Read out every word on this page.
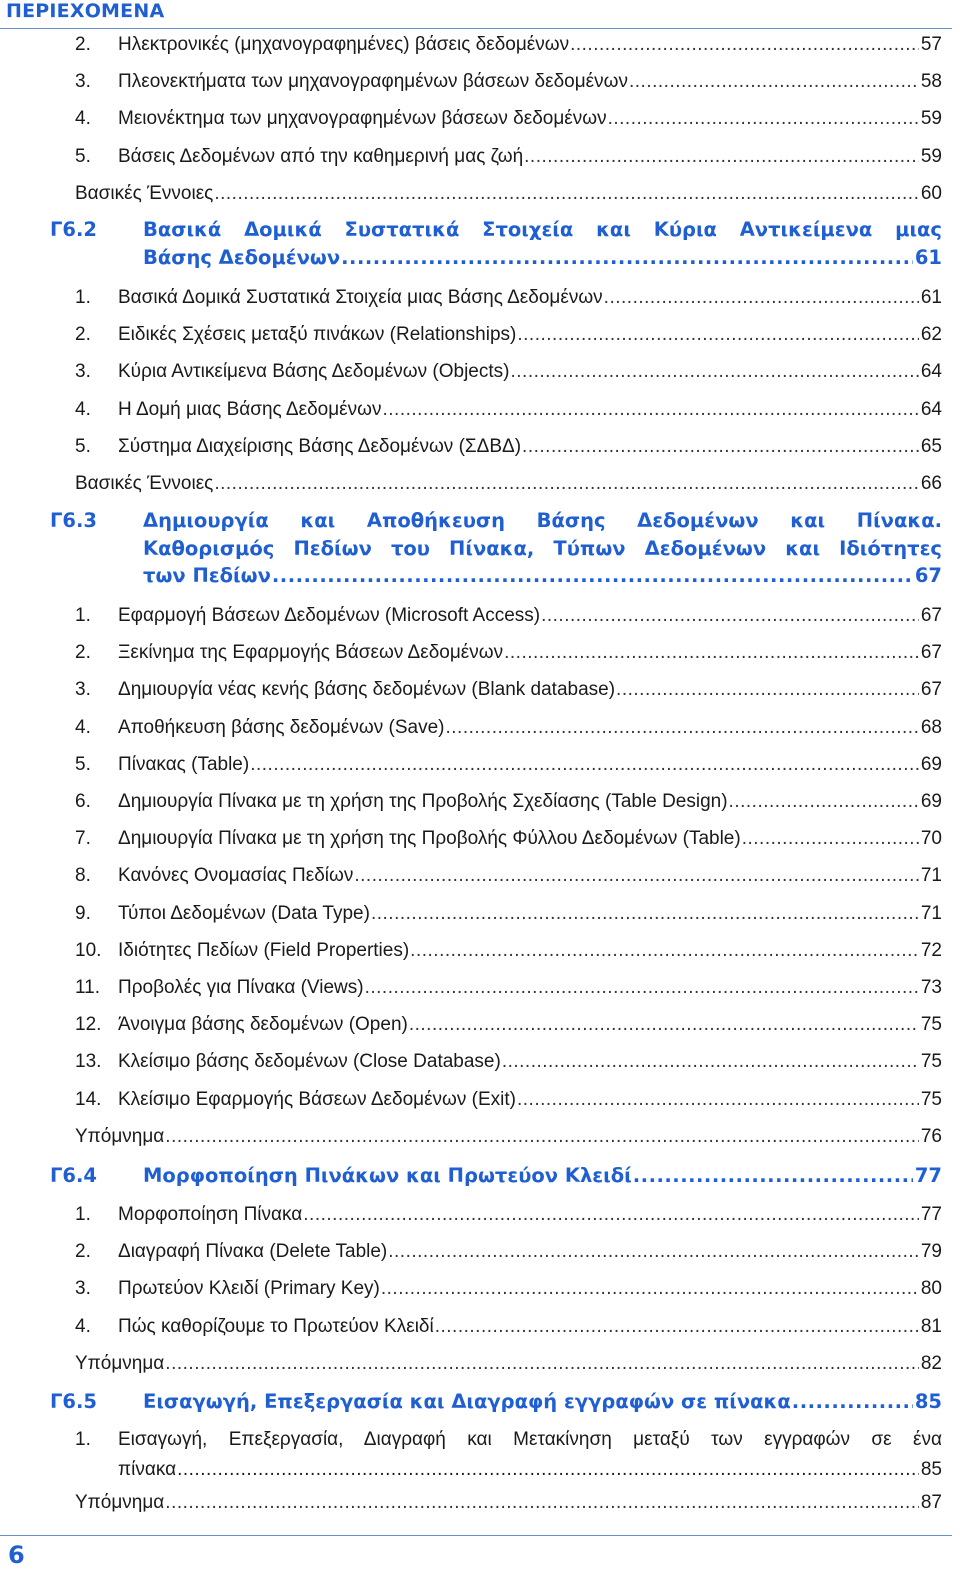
ΠΕΡΙΕΧΟΜΕΝΑ
2. Ηλεκτρονικές (μηχανογραφημένες) βάσεις δεδομένων .....	57
3. Πλεονεκτήματα των μηχανογραφημένων βάσεων δεδομένων .....	58
4. Μειονέκτημα των μηχανογραφημένων βάσεων δεδομένων .....	59
5. Βάσεις Δεδομένων από την καθημερινή μας ζωή .....	59
Βασικές Έννοιες .....	60
Γ6.2 Βασικά Δομικά Συστατικά Στοιχεία και Κύρια Αντικείμενα μιας
Βάσης Δεδομένων .....	61
1. Βασικά Δομικά Συστατικά Στοιχεία μιας Βάσης Δεδομένων .....	61
2. Ειδικές Σχέσεις μεταξύ πινάκων (Relationships) .....	62
3. Κύρια Αντικείμενα Βάσης Δεδομένων (Objects) .....	64
4. Η Δομή μιας Βάσης Δεδομένων .....	64
5. Σύστημα Διαχείρισης Βάσης Δεδομένων (ΣΔΒΔ) .....	65
Βασικές Έννοιες .....	66
Γ6.3 Δημιουργία και Αποθήκευση Βάσης Δεδομένων και Πίνακα.
Καθορισμός Πεδίων του Πίνακα, Τύπων Δεδομένων και Ιδιότητες
των Πεδίων .....	67
1. Εφαρμογή Βάσεων Δεδομένων (Microsoft Access) .....	67
2. Ξεκίνημα της Εφαρμογής Βάσεων Δεδομένων .....	67
3. Δημιουργία νέας κενής βάσης δεδομένων (Blank database) .....	67
4. Αποθήκευση βάσης δεδομένων (Save) .....	68
5. Πίνακας (Table) .....	69
6. Δημιουργία Πίνακα με τη χρήση της Προβολής Σχεδίασης (Table Design) .....	69
7. Δημιουργία Πίνακα με τη χρήση της Προβολής Φύλλου Δεδομένων (Table) .....	70
8. Κανόνες Ονομασίας Πεδίων .....	71
9. Τύποι Δεδομένων (Data Type) .....	71
10. Ιδιότητες Πεδίων (Field Properties) .....	72
11. Προβολές για Πίνακα (Views) .....	73
12. Άνοιγμα βάσης δεδομένων (Open) .....	75
13. Κλείσιμο βάσης δεδομένων (Close Database) .....	75
14. Κλείσιμο Εφαρμογής Βάσεων Δεδομένων (Exit) .....	75
Υπόμνημα .....	76
Γ6.4 Μορφοποίηση Πινάκων και Πρωτεύον Κλειδί .....	77
1. Μορφοποίηση Πίνακα .....	77
2. Διαγραφή Πίνακα (Delete Table) .....	79
3. Πρωτεύον Κλειδί (Primary Key) .....	80
4. Πώς καθορίζουμε το Πρωτεύον Κλειδί .....	81
Υπόμνημα .....	82
Γ6.5 Εισαγωγή, Επεξεργασία και Διαγραφή εγγραφών σε πίνακα .....	85
1. Εισαγωγή, Επεξεργασία, Διαγραφή και Μετακίνηση μεταξύ των εγγραφών σε ένα
πίνακα .....	85
Υπόμνημα .....	87
6
